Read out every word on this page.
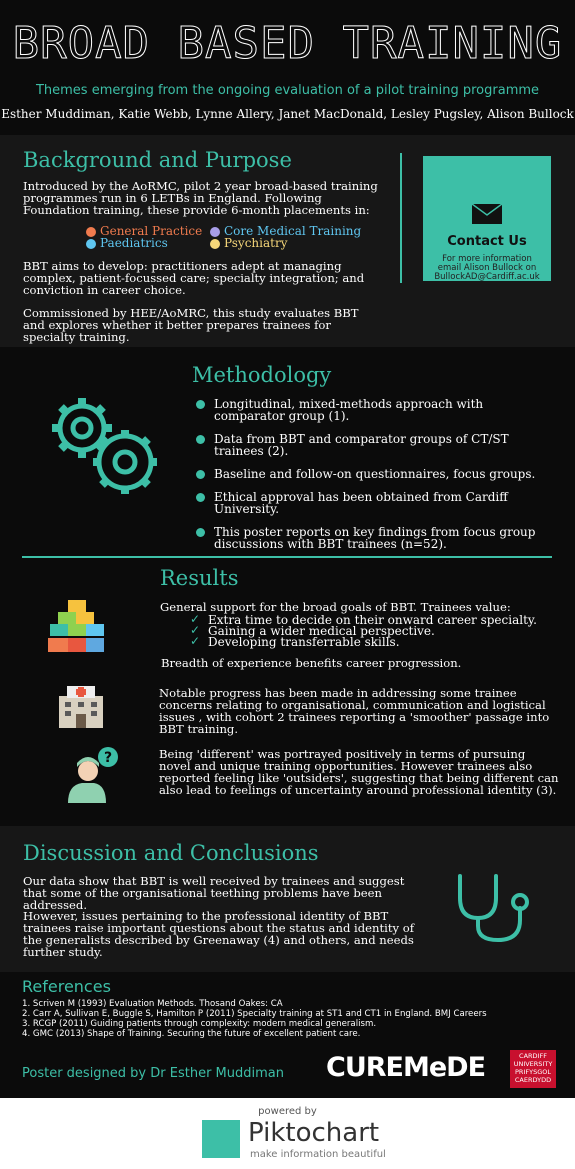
BROAD BASED TRAINING
Themes emerging from the ongoing evaluation of a pilot training programme
Esther Muddiman, Katie Webb, Lynne Allery, Janet MacDonald, Lesley Pugsley, Alison Bullock
Background and Purpose
Introduced by the AoRMC, pilot 2 year broad-based training programmes run in 6 LETBs in England. Following Foundation training, these provide 6-month placements in:
General Practice	Core Medical Training
Paediatrics	Psychiatry
BBT aims to develop: practitioners adept at managing complex, patient-focussed care; specialty integration; and conviction in career choice.
Commissioned by HEE/AoMRC, this study evaluates BBT and explores whether it better prepares trainees for specialty training.
Contact Us
For more information
email Alison Bullock on
BullockAD@Cardiff.ac.uk
Methodology
Longitudinal, mixed-methods approach with comparator group (1).
Data from BBT and comparator groups of CT/ST trainees (2).
Baseline and follow-on questionnaires, focus groups.
Ethical approval has been obtained from Cardiff University.
This poster reports on key findings from focus group discussions with BBT trainees (n=52).
Results
General support for the broad goals of BBT. Trainees value:
✓ Extra time to decide on their onward career specialty.
✓ Gaining a wider medical perspective.
✓ Developing transferrable skills.
Breadth of experience benefits career progression.
Notable progress has been made in addressing some trainee concerns relating to organisational, communication and logistical issues , with cohort 2 trainees reporting a 'smoother' passage into BBT training.
?	Being 'different' was portrayed positively in terms of pursuing novel and unique training opportunities. However trainees also reported feeling like 'outsiders', suggesting that being different can also lead to feelings of uncertainty around professional identity (3).
Discussion and Conclusions
Our data show that BBT is well received by trainees and suggest that some of the organisational teething problems have been addressed.
However, issues pertaining to the professional identity of BBT trainees raise important questions about the status and identity of the generalists described by Greenaway (4) and others, and needs further study.
References
1. Scriven M (1993) Evaluation Methods. Thosand Oakes: CA
2. Carr A, Sullivan E, Buggle S, Hamilton P (2011) Specialty training at ST1 and CT1 in England. BMJ Careers
3. RCGP (2011) Guiding patients through complexity: modern medical generalism.
4. GMC (2013) Shape of Training. Securing the future of excellent patient care.
Poster designed by Dr Esther Muddiman CUREMeDE	CARDIFF
UNIVERSITY
PRIFYSGOL
CAERDYDD
powered by
Piktochart
make information beautiful
